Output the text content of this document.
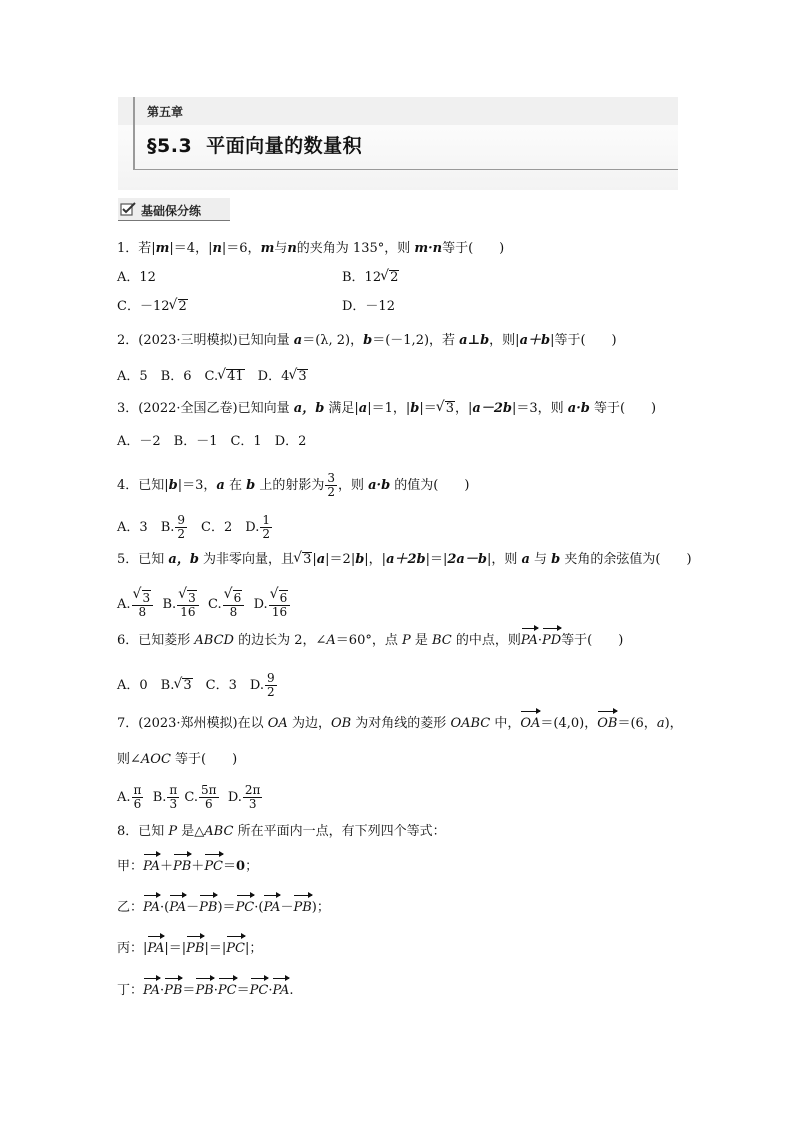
第五章
§5.3 平面向量的数量积
基础保分练
1．若|m|＝4，|n|＝6，m与n的夹角为 135°，则 m·n等于(　　)
A．12	B．12 √ 2
C．－12 √ 2	D．－12
2．(2023·三明模拟)已知向量 a＝(λ, 2)，b＝(－1,2)，若 a⊥b，则|a＋b|等于(　　)
A．5　B．6　C. √ 41　D．4 √ 3
3．(2022·全国乙卷)已知向量 a，b 满足|a|＝1，|b|＝ √ 3，|a－2b|＝3，则 a·b 等于(　　)
A．－2　B．－1　C．1　D．2
4．已知|b|＝3，a 在 b 上的射影为 $\frac{3}{2}$ ，则 a·b 的值为(　　)
A．3　 B. $\frac{9}{2}$ 　C．2　D. $\frac{1}{2}$
5．已知 a，b 为非零向量，且 √ 3|a|＝2|b|，|a＋2b|＝|2a－b|，则 a 与 b 夹角的余弦值为(　　)
A. √ $\frac{3}{8} B$. √ $\frac{3}{16} C$. √ $\frac{6}{8} D$. √ $\frac{6}{16}$
6．已知菱形 ABCD 的边长为 2，∠A＝60°，点 P 是 BC 的中点，则PA·PD等于(　　)
A．0　B. √ 3　C．3　D. $\frac{9}{2}$
7．(2023·郑州模拟)在以 OA 为边，OB 为对角线的菱形 OABC 中，OA＝(4,0)，OB＝(6，a)，
则∠AOC 等于(　　)
A. $\frac{\pi}{6} B$. $\frac{\pi}{3} C$. $\frac{5\pi}{6} D$. $\frac{2\pi}{3}$
8．已知 P 是△ABC 所在平面内一点，有下列四个等式：
甲：PA＋PB＋PC＝0；
乙：PA·(PA－PB)＝PC·(PA－PB)；
丙：|PA|＝|PB|＝|PC|；
丁：PA·PB＝PB·PC＝PC·PA.
